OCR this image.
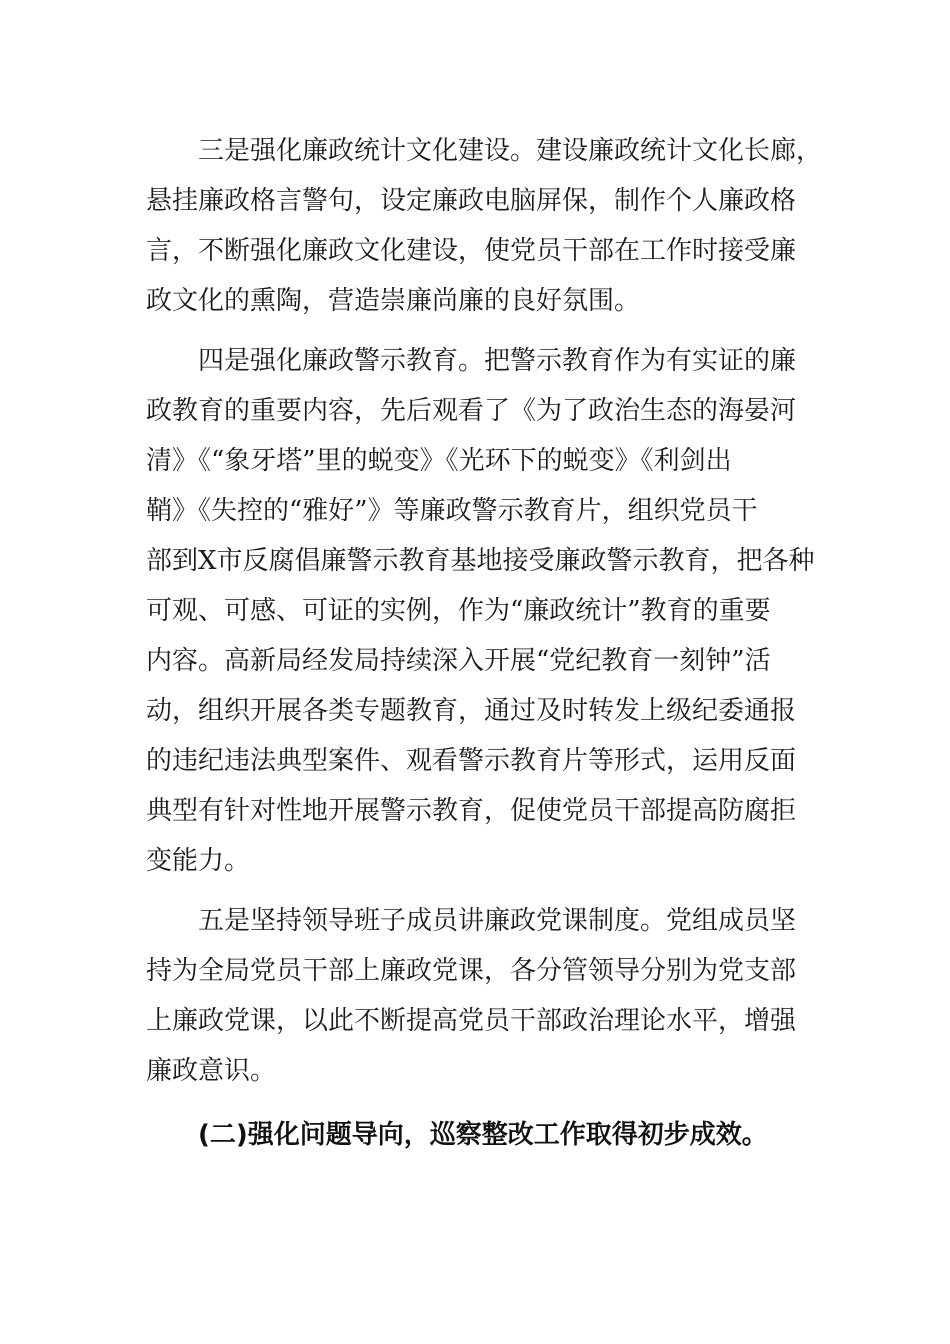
三是强化廉政统计文化建设。建设廉政统计文化长廊，
悬挂廉政格言警句，设定廉政电脑屏保，制作个人廉政格
言，不断强化廉政文化建设，使党员干部在工作时接受廉
政文化的熏陶，营造崇廉尚廉的良好氛围。
四是强化廉政警示教育。把警示教育作为有实证的廉
政教育的重要内容，先后观看了《为了政治生态的海晏河
清》《“象牙塔”里的蜕变》《光环下的蜕变》《利剑出
鞘》《失控的“雅好”》等廉政警示教育片，组织党员干
部到X市反腐倡廉警示教育基地接受廉政警示教育，把各种
可观、可感、可证的实例，作为“廉政统计”教育的重要
内容。高新局经发局持续深入开展“党纪教育一刻钟”活
动，组织开展各类专题教育，通过及时转发上级纪委通报
的违纪违法典型案件、观看警示教育片等形式，运用反面
典型有针对性地开展警示教育，促使党员干部提高防腐拒
变能力。
五是坚持领导班子成员讲廉政党课制度。党组成员坚
持为全局党员干部上廉政党课，各分管领导分别为党支部
上廉政党课，以此不断提高党员干部政治理论水平，增强
廉政意识。
(二)强化问题导向，巡察整改工作取得初步成效。
